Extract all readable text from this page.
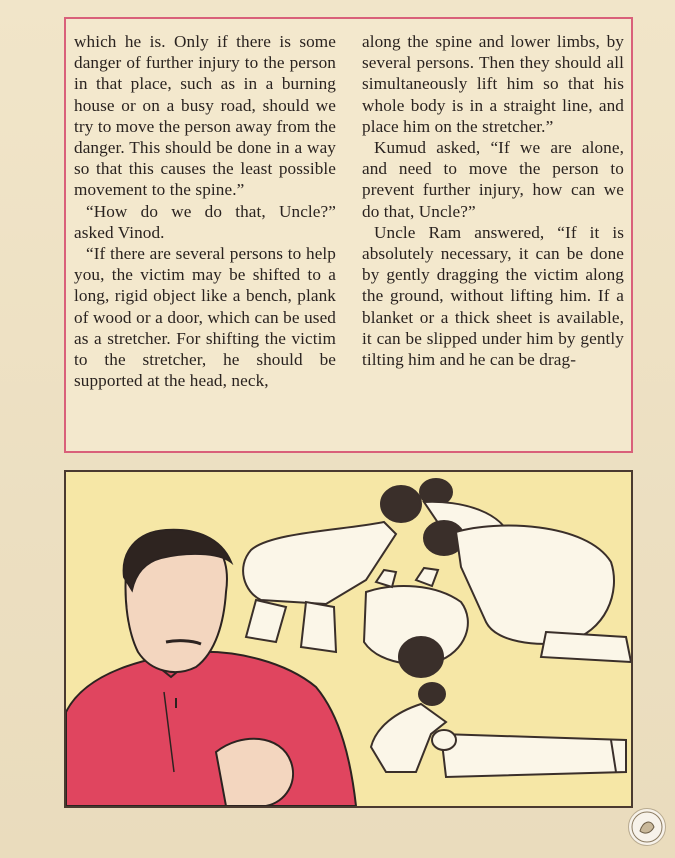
which he is. Only if there is some danger of further injury to the person in that place, such as in a burning house or on a busy road, should we try to move the person away from the danger. This should be done in a way so that this causes the least possible movement to the spine.”

“How do we do that, Uncle?” asked Vinod.

“If there are several persons to help you, the victim may be shifted to a long, rigid object like a bench, plank of wood or a door, which can be used as a stretcher. For shifting the victim to the stretcher, he should be supported at the head, neck,

along the spine and lower limbs, by several persons. Then they should all simultaneously lift him so that his whole body is in a straight line, and place him on the stretcher.”

Kumud asked, “If we are alone, and need to move the person to prevent further injury, how can we do that, Uncle?”

Uncle Ram answered, “If it is absolutely necessary, it can be done by gently dragging the victim along the ground, without lifting him. If a blanket or a thick sheet is available, it can be slipped under him by gently tilting him and he can be drag-
